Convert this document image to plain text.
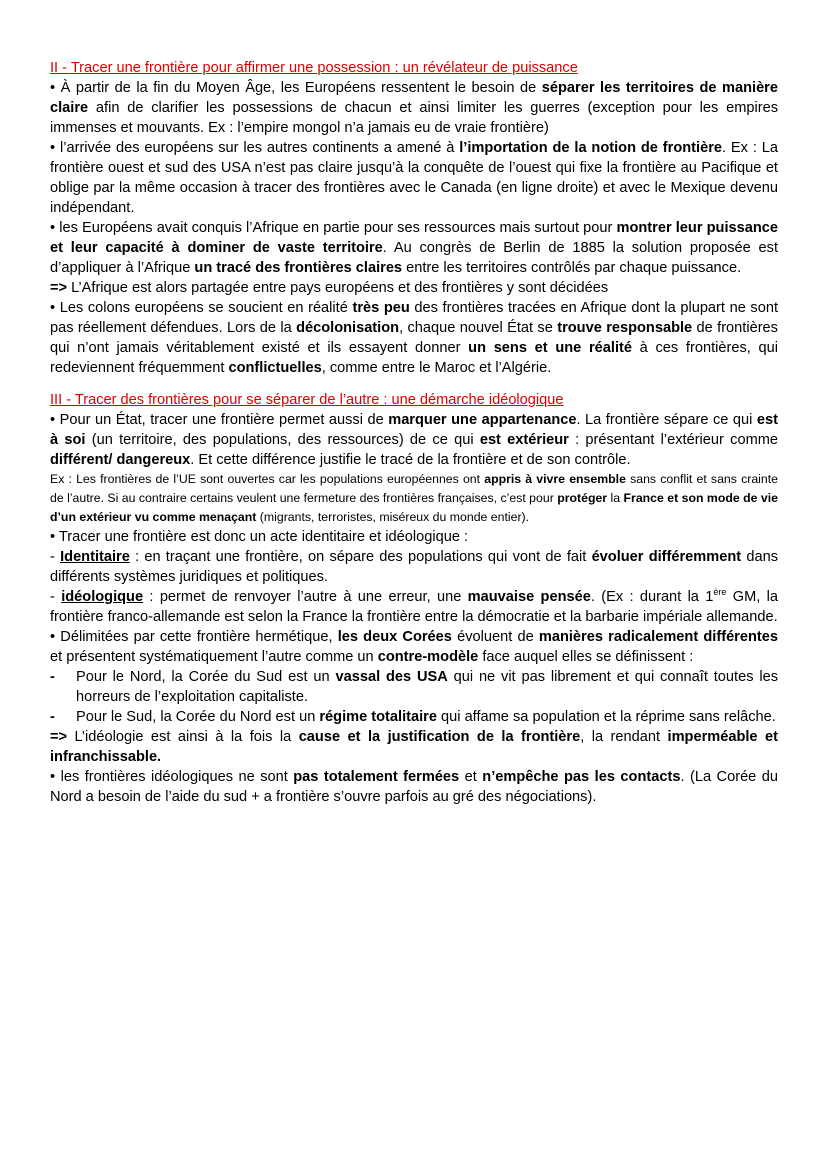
II - Tracer une frontière pour affirmer une possession : un révélateur de puissance

• À partir de la fin du Moyen Âge, les Européens ressentent le besoin de séparer les territoires de manière claire afin de clarifier les possessions de chacun et ainsi limiter les guerres (exception pour les empires immenses et mouvants. Ex : l’empire mongol n’a jamais eu de vraie frontière)

• l’arrivée des européens sur les autres continents a amené à l’importation de la notion de frontière. Ex : La frontière ouest et sud des USA n’est pas claire jusqu’à la conquête de l’ouest qui fixe la frontière au Pacifique et oblige par la même occasion à tracer des frontières avec le Canada (en ligne droite) et avec le Mexique devenu indépendant.

• les Européens avait conquis l’Afrique en partie pour ses ressources mais surtout pour montrer leur puissance et leur capacité à dominer de vaste territoire. Au congrès de Berlin de 1885 la solution proposée est d’appliquer à l’Afrique un tracé des frontières claires entre les territoires contrôlés par chaque puissance.

=> L’Afrique est alors partagée entre pays européens et des frontières y sont décidées

• Les colons européens se soucient en réalité très peu des frontières tracées en Afrique dont la plupart ne sont pas réellement défendues. Lors de la décolonisation, chaque nouvel État se trouve responsable de frontières qui n’ont jamais véritablement existé et ils essayent donner un sens et une réalité à ces frontières, qui redeviennent fréquemment conflictuelles, comme entre le Maroc et l’Algérie.

III - Tracer des frontières pour se séparer de l’autre : une démarche idéologique

• Pour un État, tracer une frontière permet aussi de marquer une appartenance. La frontière sépare ce qui est à soi (un territoire, des populations, des ressources) de ce qui est extérieur : présentant l’extérieur comme différent/ dangereux. Et cette différence justifie le tracé de la frontière et de son contrôle.

Ex : Les frontières de l’UE sont ouvertes car les populations européennes ont appris à vivre ensemble sans conflit et sans crainte de l’autre. Si au contraire certains veulent une fermeture des frontières françaises, c’est pour protéger la France et son mode de vie d’un extérieur vu comme menaçant (migrants, terroristes, miséreux du monde entier).

• Tracer une frontière est donc un acte identitaire et idéologique :

- Identitaire : en traçant une frontière, on sépare des populations qui vont de fait évoluer différemment dans différents systèmes juridiques et politiques.

- idéologique : permet de renvoyer l’autre à une erreur, une mauvaise pensée. (Ex : durant la 1ère GM, la frontière franco-allemande est selon la France la frontière entre la démocratie et la barbarie impériale allemande.

• Délimitées par cette frontière hermétique, les deux Corées évoluent de manières radicalement différentes et présentent systématiquement l’autre comme un contre-modèle face auquel elles se définissent :

-	Pour le Nord, la Corée du Sud est un vassal des USA qui ne vit pas librement et qui connaît toutes les horreurs de l’exploitation capitaliste.
-	Pour le Sud, la Corée du Nord est un régime totalitaire qui affame sa population et la réprime sans relâche.

=> L’idéologie est ainsi à la fois la cause et la justification de la frontière, la rendant imperméable et infranchissable.

• les frontières idéologiques ne sont pas totalement fermées et n’empêche pas les contacts. (La Corée du Nord a besoin de l’aide du sud + a frontière s’ouvre parfois au gré des négociations).
